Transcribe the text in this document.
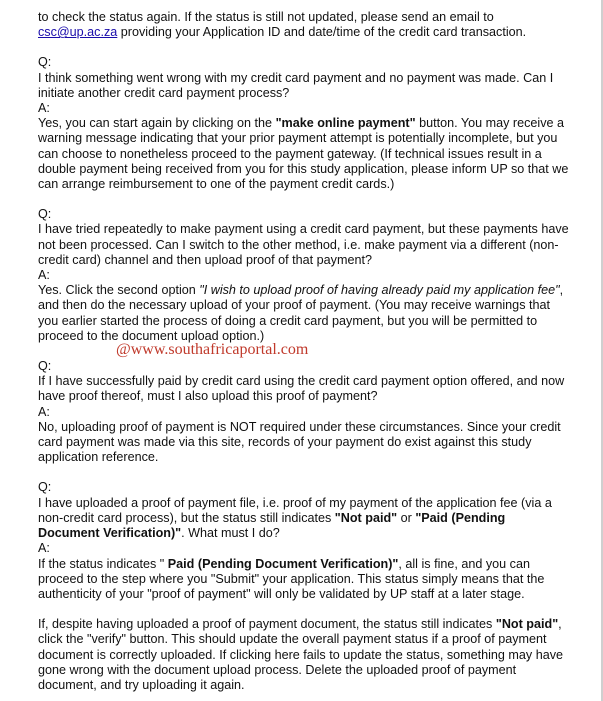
to check the status again. If the status is still not updated, please send an email to
csc@up.ac.za providing your Application ID and date/time of the credit card transaction.

Q:

I think something went wrong with my credit card payment and no payment was made. Can I initiate another credit card payment process?

A:

Yes, you can start again by clicking on the "make online payment" button. You may receive a warning message indicating that your prior payment attempt is potentially incomplete, but you can choose to nonetheless proceed to the payment gateway. (If technical issues result in a double payment being received from you for this study application, please inform UP so that we can arrange reimbursement to one of the payment credit cards.)

Q:

I have tried repeatedly to make payment using a credit card payment, but these payments have not been processed. Can I switch to the other method, i.e. make payment via a different (non-credit card) channel and then upload proof of that payment?

A:

Yes. Click the second option "I wish to upload proof of having already paid my application fee", and then do the necessary upload of your proof of payment. (You may receive warnings that you earlier started the process of doing a credit card payment, but you will be permitted to proceed to the document upload option.)

Q:

If I have successfully paid by credit card using the credit card payment option offered, and now have proof thereof, must I also upload this proof of payment?

A:

No, uploading proof of payment is NOT required under these circumstances. Since your credit card payment was made via this site, records of your payment do exist against this study application reference.

Q:

I have uploaded a proof of payment file, i.e. proof of my payment of the application fee (via a non-credit card process), but the status still indicates "Not paid" or "Paid (Pending Document Verification)". What must I do?

A:

If the status indicates " Paid (Pending Document Verification)", all is fine, and you can proceed to the step where you "Submit" your application. This status simply means that the authenticity of your "proof of payment" will only be validated by UP staff at a later stage.

If, despite having uploaded a proof of payment document, the status still indicates "Not paid", click the "verify" button. This should update the overall payment status if a proof of payment document is correctly uploaded. If clicking here fails to update the status, something may have gone wrong with the document upload process. Delete the uploaded proof of payment document, and try uploading it again.

@www.southafricaportal.com
